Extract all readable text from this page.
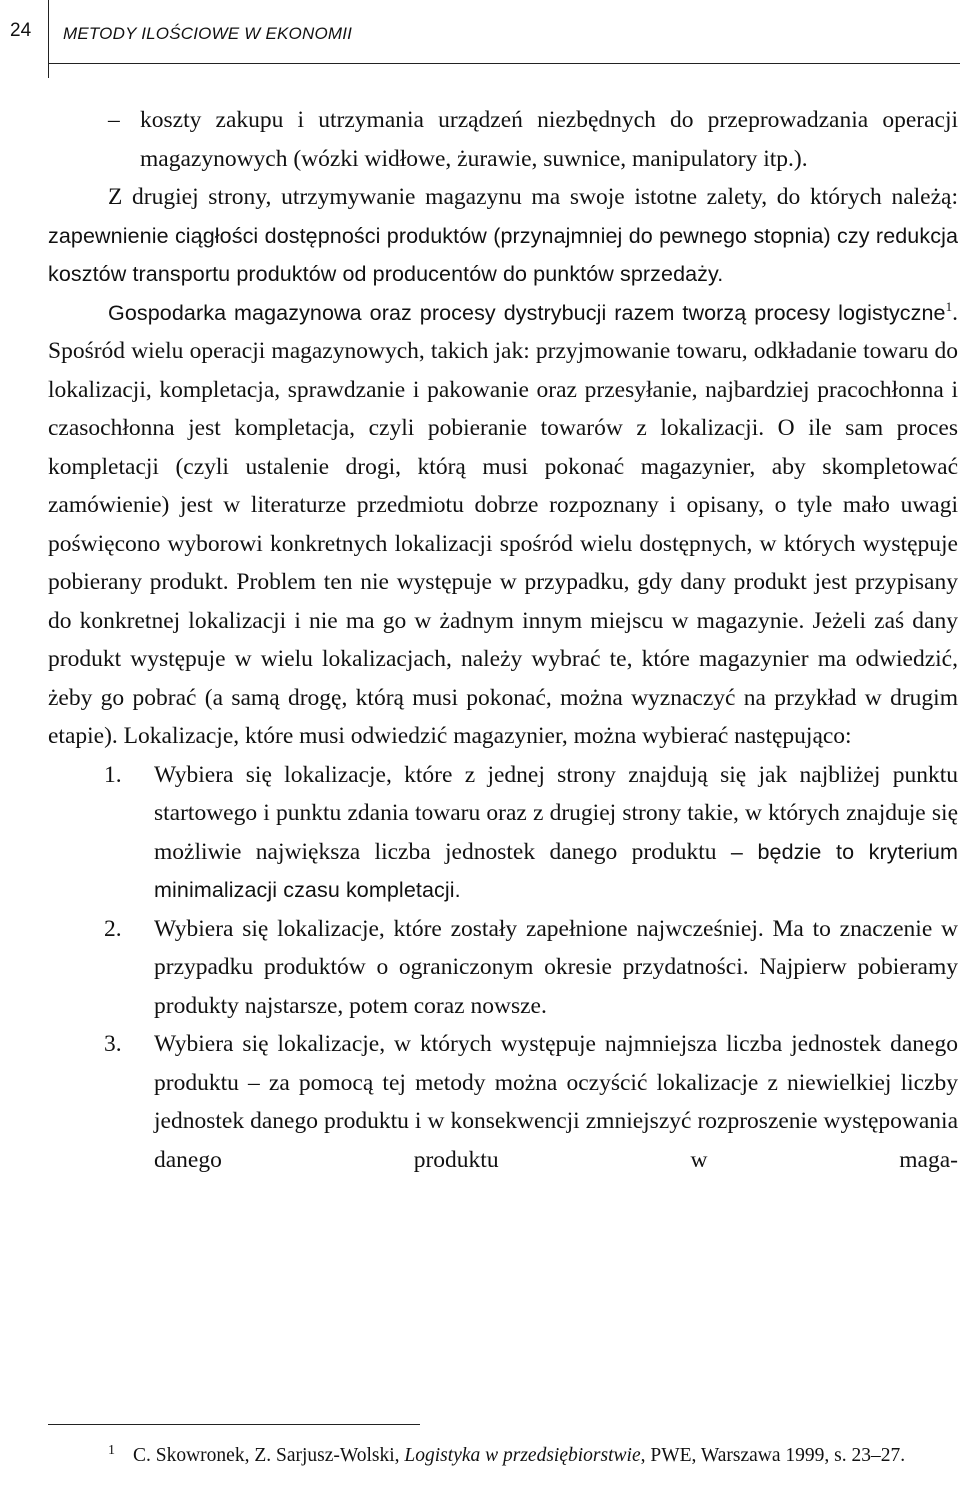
24 METODY ILOŚCIOWE W EKONOMII

– koszty zakupu i utrzymania urządzeń niezbędnych do przeprowadzania operacji magazynowych (wózki widłowe, żurawie, suwnice, manipulatory itp.).

Z drugiej strony, utrzymywanie magazynu ma swoje istotne zalety, do których należą: zapewnienie ciągłości dostępności produktów (przynajmniej do pewnego stopnia) czy redukcja kosztów transportu produktów od producentów do punktów sprzedaży.

Gospodarka magazynowa oraz procesy dystrybucji razem tworzą procesy logistyczne$^1$. Spośród wielu operacji magazynowych, takich jak: przyjmowanie towaru, odkładanie towaru do lokalizacji, kompletacja, sprawdzanie i pakowanie oraz przesyłanie, najbardziej pracochłonna i czasochłonna jest kompletacja, czyli pobieranie towarów z lokalizacji. O ile sam proces kompletacji (czyli ustalenie drogi, którą musi pokonać magazynier, aby skompletować zamówienie) jest w literaturze przedmiotu dobrze rozpoznany i opisany, o tyle mało uwagi poświęcono wyborowi konkretnych lokalizacji spośród wielu dostępnych, w których występuje pobierany produkt. Problem ten nie występuje w przypadku, gdy dany produkt jest przypisany do konkretnej lokalizacji i nie ma go w żadnym innym miejscu w magazynie. Jeżeli zaś dany produkt występuje w wielu lokalizacjach, należy wybrać te, które magazynier ma odwiedzić, żeby go pobrać (a samą drogę, którą musi pokonać, można wyznaczyć na przykład w drugim etapie). Lokalizacje, które musi odwiedzić magazynier, można wybierać następująco:

1. Wybiera się lokalizacje, które z jednej strony znajdują się jak najbliżej punktu startowego i punktu zdania towaru oraz z drugiej strony takie, w których znajduje się możliwie największa liczba jednostek danego produktu – będzie to kryterium minimalizacji czasu kompletacji.

2. Wybiera się lokalizacje, które zostały zapełnione najwcześniej. Ma to znaczenie w przypadku produktów o ograniczonym okresie przydatności. Najpierw pobieramy produkty najstarsze, potem coraz nowsze.

3. Wybiera się lokalizacje, w których występuje najmniejsza liczba jednostek danego produktu – za pomocą tej metody można oczyścić lokalizacje z niewielkiej liczby jednostek danego produktu i w konsekwencji zmniejszyć rozproszenie występowania danego produktu w maga-

$^1$ C. Skowronek, Z. Sarjusz-Wolski, Logistyka w przedsiębiorstwie, PWE, Warszawa 1999, s. 23–27.
